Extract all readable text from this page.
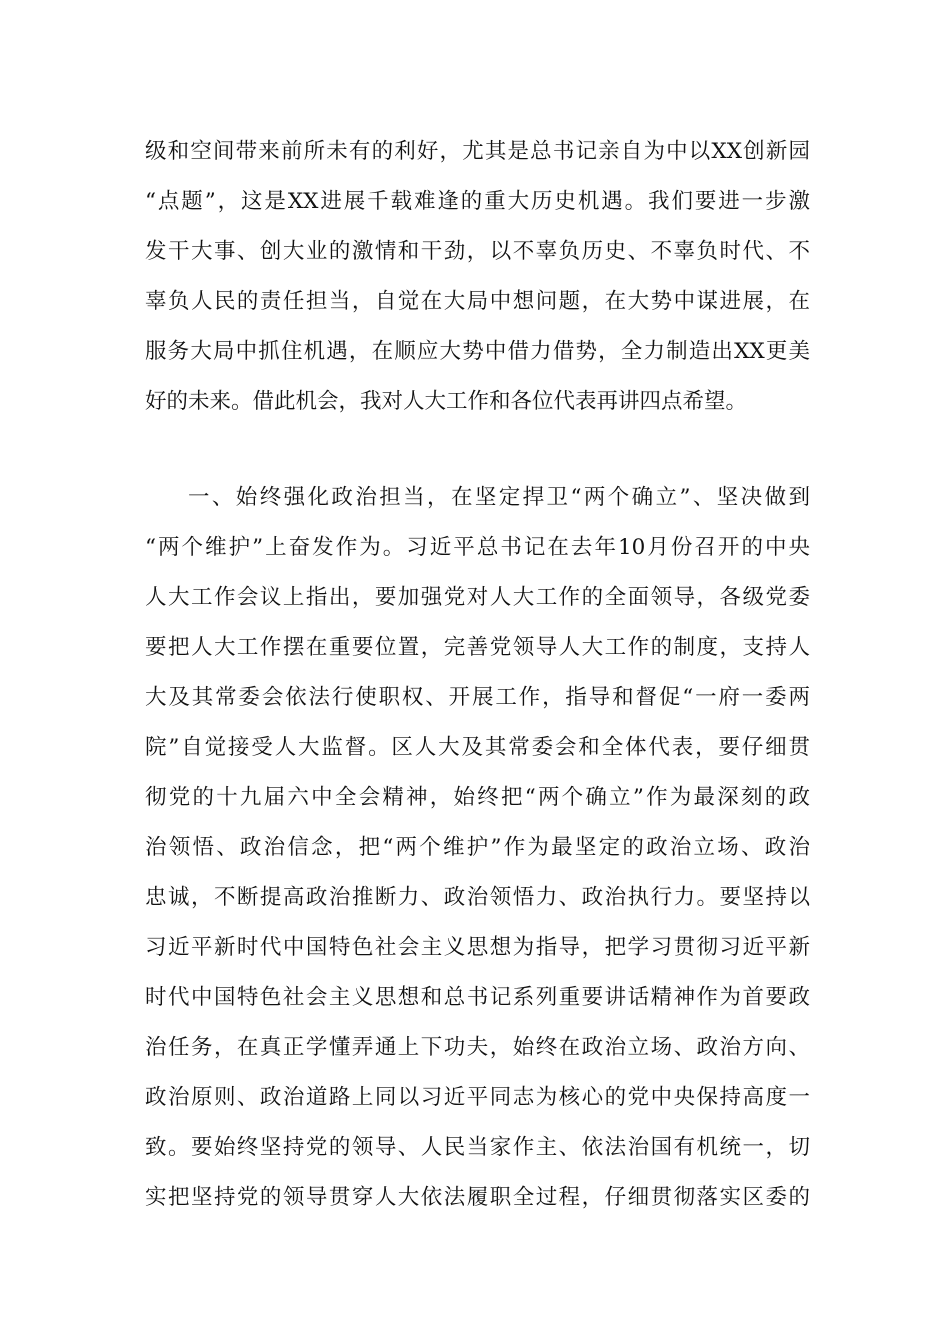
级和空间带来前所未有的利好，尤其是总书记亲自为中以XX创新园
“点题”，这是XX进展千载难逢的重大历史机遇。我们要进一步激
发干大事、创大业的激情和干劲，以不辜负历史、不辜负时代、不
辜负人民的责任担当，自觉在大局中想问题，在大势中谋进展，在
服务大局中抓住机遇，在顺应大势中借力借势，全力制造出XX更美
好的未来。借此机会，我对人大工作和各位代表再讲四点希望。
一、始终强化政治担当，在坚定捍卫“两个确立”、坚决做到
“两个维护”上奋发作为。习近平总书记在去年10月份召开的中央
人大工作会议上指出，要加强党对人大工作的全面领导，各级党委
要把人大工作摆在重要位置，完善党领导人大工作的制度，支持人
大及其常委会依法行使职权、开展工作，指导和督促“一府一委两
院”自觉接受人大监督。区人大及其常委会和全体代表，要仔细贯
彻党的十九届六中全会精神，始终把“两个确立”作为最深刻的政
治领悟、政治信念，把“两个维护”作为最坚定的政治立场、政治
忠诚，不断提高政治推断力、政治领悟力、政治执行力。要坚持以
习近平新时代中国特色社会主义思想为指导，把学习贯彻习近平新
时代中国特色社会主义思想和总书记系列重要讲话精神作为首要政
治任务，在真正学懂弄通上下功夫，始终在政治立场、政治方向、
政治原则、政治道路上同以习近平同志为核心的党中央保持高度一
致。要始终坚持党的领导、人民当家作主、依法治国有机统一，切
实把坚持党的领导贯穿人大依法履职全过程，仔细贯彻落实区委的
